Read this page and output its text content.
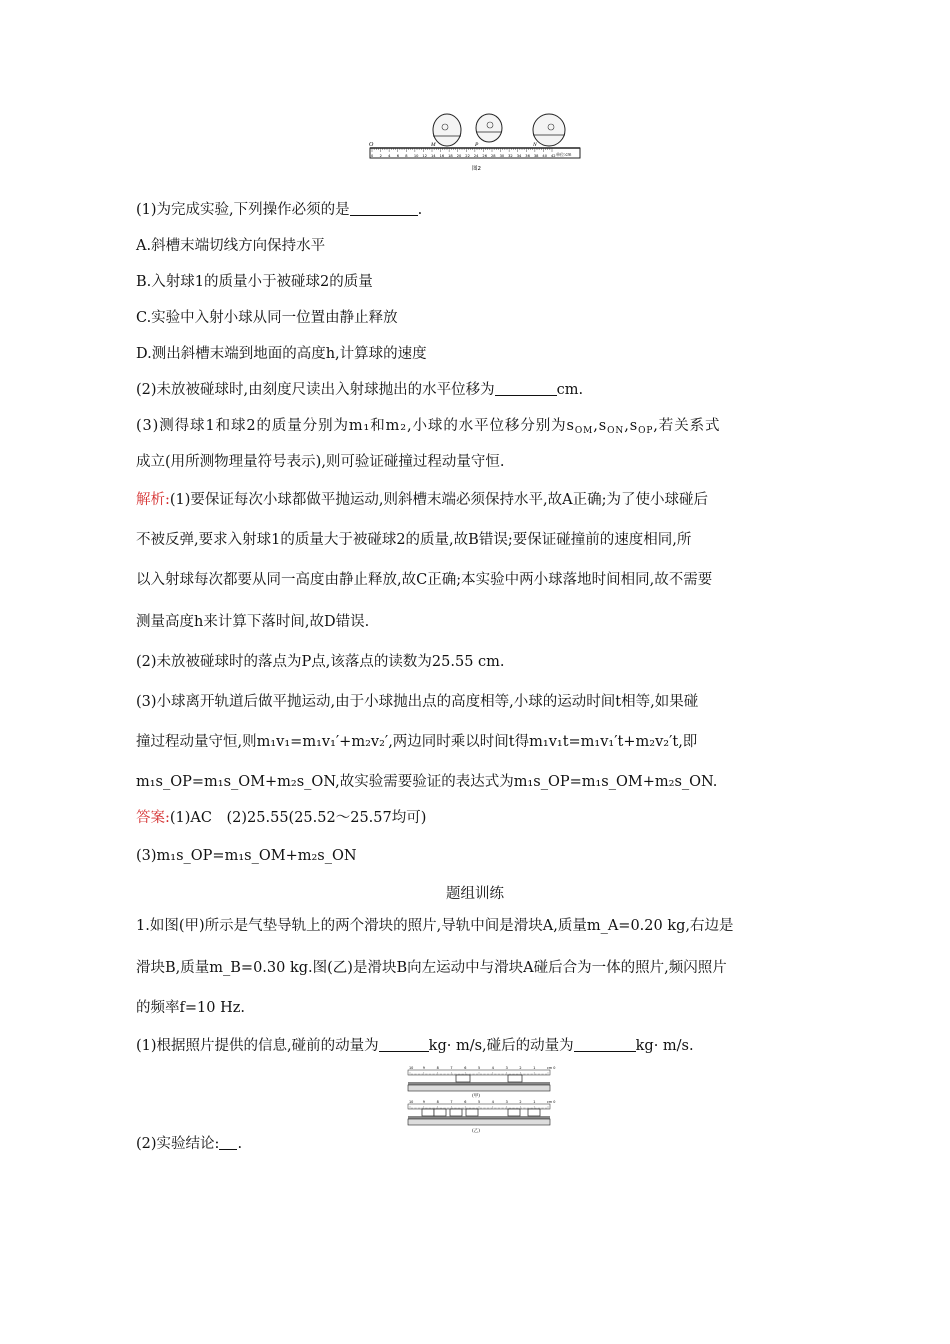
0 2 4 6 8 10 12 14 16 18 20 22 24 26 28 30 32 34 36 38 40 42
O	M	P	N
单位:cm
图2
(1)为完成实验,下列操作必须的是	.
A.斜槽末端切线方向保持水平
B.入射球1的质量小于被碰球2的质量
C.实验中入射小球从同一位置由静止释放
D.测出斜槽末端到地面的高度h,计算球的速度
(2)未放被碰球时,由刻度尺读出入射球抛出的水平位移为	cm.
(3)测得球1和球2的质量分别为m₁和m₂,小球的水平位移分别为$s_{OM},s_{ON},s_{OP}$,若关系式
成立(用所测物理量符号表示),则可验证碰撞过程动量守恒.
解析:(1)要保证每次小球都做平抛运动,则斜槽末端必须保持水平,故A正确;为了使小球碰后
不被反弹,要求入射球1的质量大于被碰球2的质量,故B错误;要保证碰撞前的速度相同,所
以入射球每次都要从同一高度由静止释放,故C正确;本实验中两小球落地时间相同,故不需要
测量高度h来计算下落时间,故D错误.
(2)未放被碰球时的落点为P点,该落点的读数为25.55 cm.
(3)小球离开轨道后做平抛运动,由于小球抛出点的高度相等,小球的运动时间t相等,如果碰
撞过程动量守恒,则m₁v₁=m₁v₁′+m₂v₂′,两边同时乘以时间t得m₁v₁t=m₁v₁′t+m₂v₂′t,即
m₁s_OP=m₁s_OM+m₂s_ON,故实验需要验证的表达式为m₁s_OP=m₁s_OM+m₂s_ON.
答案:(1)AC　(2)25.55(25.52～25.57均可)
(3)m₁s_OP=m₁s_OM+m₂s_ON
题组训练
1.如图(甲)所示是气垫导轨上的两个滑块的照片,导轨中间是滑块A,质量m_A=0.20 kg,右边是
滑块B,质量m_B=0.30 kg.图(乙)是滑块B向左运动中与滑块A碰后合为一体的照片,频闪照片
的频率f=10 Hz.
(1)根据照片提供的信息,碰前的动量为	kg· m/s,碰后的动量为	kg· m/s.
10	9	8	7	6	5	4	3	2	1	cm 0
(甲)
10	9	8	7	6	5	4	3	2	1	cm 0
(乙)
(2)实验结论: .
